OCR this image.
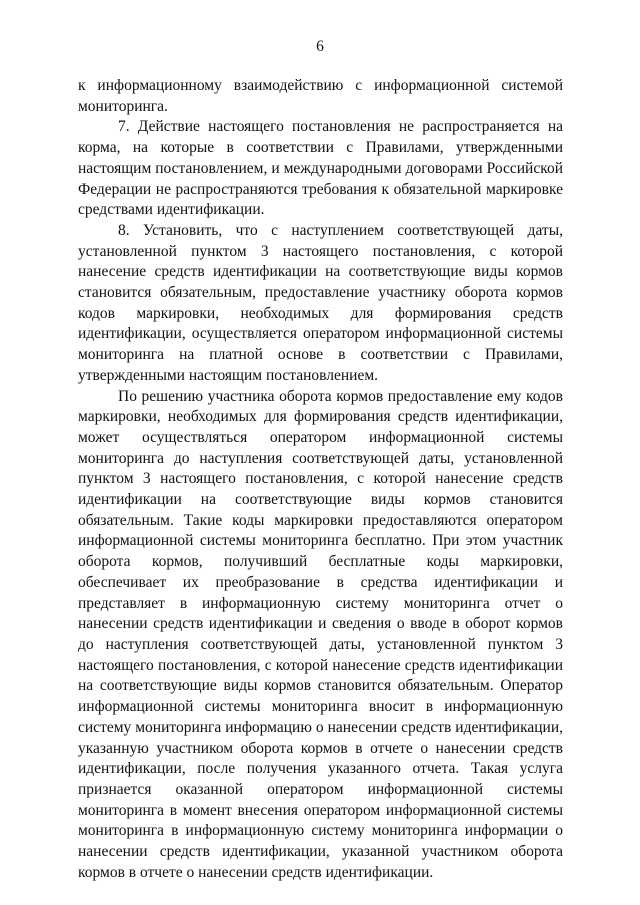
6

к информационному взаимодействию с информационной системой мониторинга.

7. Действие настоящего постановления не распространяется на корма, на которые в соответствии с Правилами, утвержденными настоящим постановлением, и международными договорами Российской Федерации не распространяются требования к обязательной маркировке средствами идентификации.

8. Установить, что с наступлением соответствующей даты, установленной пунктом 3 настоящего постановления, с которой нанесение средств идентификации на соответствующие виды кормов становится обязательным, предоставление участнику оборота кормов кодов маркировки, необходимых для формирования средств идентификации, осуществляется оператором информационной системы мониторинга на платной основе в соответствии с Правилами, утвержденными настоящим постановлением.

По решению участника оборота кормов предоставление ему кодов маркировки, необходимых для формирования средств идентификации, может осуществляться оператором информационной системы мониторинга до наступления соответствующей даты, установленной пунктом 3 настоящего постановления, с которой нанесение средств идентификации на соответствующие виды кормов становится обязательным. Такие коды маркировки предоставляются оператором информационной системы мониторинга бесплатно. При этом участник оборота кормов, получивший бесплатные коды маркировки, обеспечивает их преобразование в средства идентификации и представляет в информационную систему мониторинга отчет о нанесении средств идентификации и сведения о вводе в оборот кормов до наступления соответствующей даты, установленной пунктом 3 настоящего постановления, с которой нанесение средств идентификации на соответствующие виды кормов становится обязательным. Оператор информационной системы мониторинга вносит в информационную систему мониторинга информацию о нанесении средств идентификации, указанную участником оборота кормов в отчете о нанесении средств идентификации, после получения указанного отчета. Такая услуга признается оказанной оператором информационной системы мониторинга в момент внесения оператором информационной системы мониторинга в информационную систему мониторинга информации о нанесении средств идентификации, указанной участником оборота кормов в отчете о нанесении средств идентификации.
